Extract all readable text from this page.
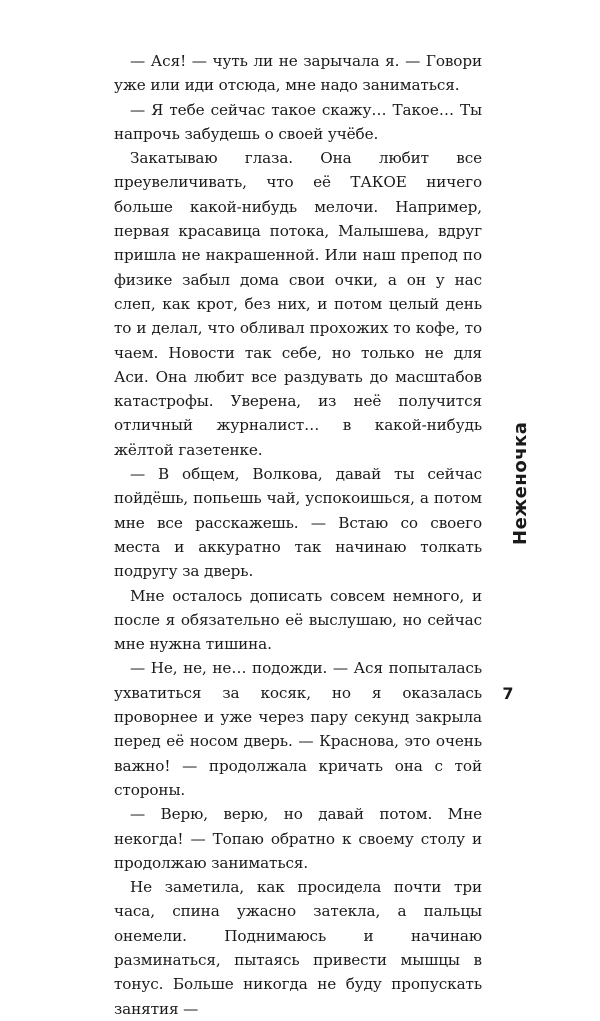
— Ася! — чуть ли не зарычала я. — Говори уже или иди отсюда, мне надо заниматься.

— Я тебе сейчас такое скажу… Такое… Ты напрочь забудешь о своей учёбе.

Закатываю глаза. Она любит все преувеличивать, что её ТАКОЕ ничего больше какой-нибудь мелочи. Например, первая красавица потока, Малышева, вдруг пришла не накрашенной. Или наш препод по физике забыл дома свои очки, а он у нас слеп, как крот, без них, и потом целый день то и делал, что обливал прохожих то кофе, то чаем. Новости так себе, но только не для Аси. Она любит все раздувать до масштабов катастрофы. Уверена, из неё получится отличный журналист… в какой-нибудь жёлтой газетенке.

— В общем, Волкова, давай ты сейчас пойдёшь, попьешь чай, успокоишься, а потом мне все расскажешь. — Встаю со своего места и аккуратно так начинаю толкать подругу за дверь.

Мне осталось дописать совсем немного, и после я обязательно её выслушаю, но сейчас мне нужна тишина.

— Не, не, не… подожди. — Ася попыталась ухватиться за косяк, но я оказалась проворнее и уже через пару секунд закрыла перед её носом дверь. — Краснова, это очень важно! — продолжала кричать она с той стороны.

— Верю, верю, но давай потом. Мне некогда! — Топаю обратно к своему столу и продолжаю заниматься.

Не заметила, как просидела почти три часа, спина ужасно затекла, а пальцы онемели. Поднимаюсь и начинаю разминаться, пытаясь привести мышцы в тонус. Больше никогда не буду пропускать занятия —

Неженочка
7
